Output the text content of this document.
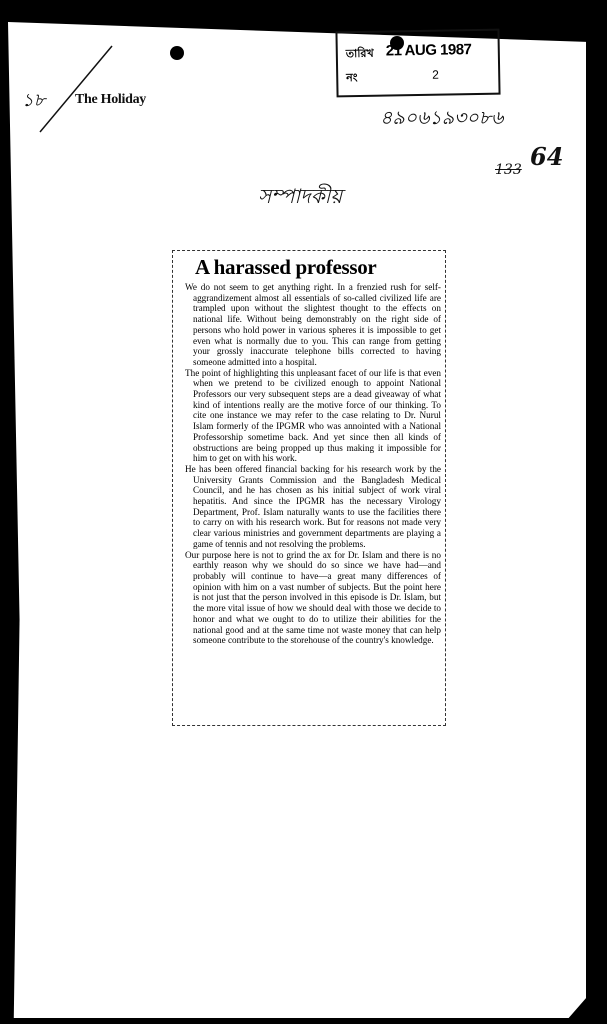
১৮ The Holiday
তারিখ 21 AUG 1987
নং	2
৪৯০৬১৯৩০৮৬
133 64
সম্পাদকীয়
A harassed professor

We do not seem to get anything right. In a frenzied rush for self-aggrandizement almost all essentials of so-called civilized life are trampled upon without the slightest thought to the effects on national life. Without being demonstrably on the right side of persons who hold power in various spheres it is impossible to get even what is normally due to you. This can range from getting your grossly inaccurate telephone bills corrected to having someone admitted into a hospital.

The point of highlighting this unpleasant facet of our life is that even when we pretend to be civilized enough to appoint National Professors our very subsequent steps are a dead giveaway of what kind of intentions really are the motive force of our thinking. To cite one instance we may refer to the case relating to Dr. Nurul Islam formerly of the IPGMR who was annointed with a National Professorship sometime back. And yet since then all kinds of obstructions are being propped up thus making it impossible for him to get on with his work.

He has been offered financial backing for his research work by the University Grants Commission and the Bangladesh Medical Council, and he has chosen as his initial subject of work viral hepatitis. And since the IPGMR has the necessary Virology Department, Prof. Islam naturally wants to use the facilities there to carry on with his research work. But for reasons not made very clear various ministries and government departments are playing a game of tennis and not resolving the problems.

Our purpose here is not to grind the ax for Dr. Islam and there is no earthly reason why we should do so since we have had—and probably will continue to have—a great many differences of opinion with him on a vast number of subjects. But the point here is not just that the person involved in this episode is Dr. Islam, but the more vital issue of how we should deal with those we decide to honor and what we ought to do to utilize their abilities for the national good and at the same time not waste money that can help someone contribute to the storehouse of the country's knowledge.
